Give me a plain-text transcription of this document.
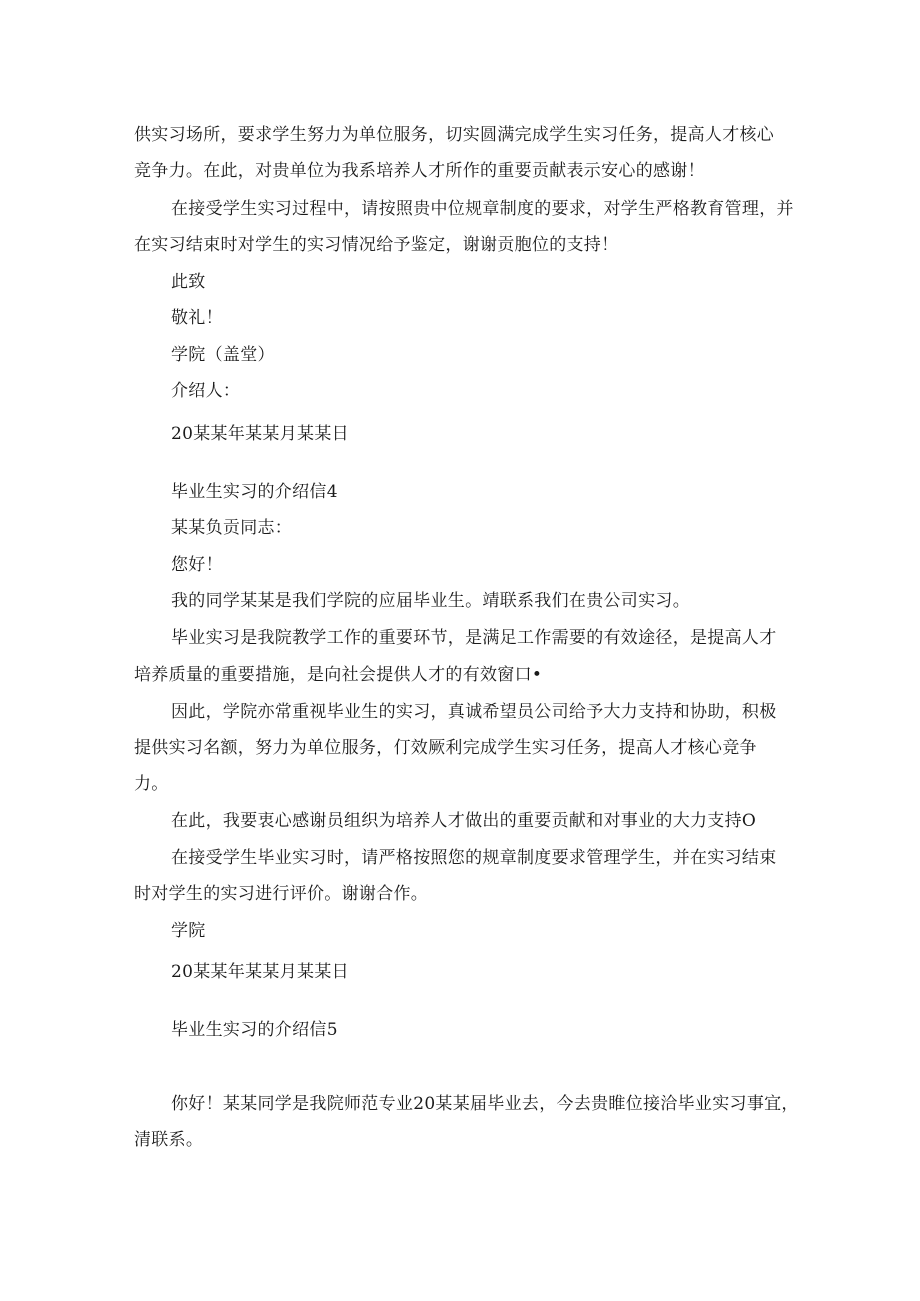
供实习场所，要求学生努力为单位服务，切实圆满完成学生实习任务，提高人才核心
竞争力。在此，对贵单位为我系培养人才所作的重要贡献表示安心的感谢！
在接受学生实习过程中，请按照贵中位规章制度的要求，对学生严格教育管理，并
在实习结束时对学生的实习情况给予鉴定，谢谢贡胞位的支持！
此致
敬礼！
学院（盖堂）
介绍人：
20某某年某某月某某日
毕业生实习的介绍信4
某某负贡同志：
您好！
我的同学某某是我们学院的应届毕业生。靖联系我们在贵公司实习。
毕业实习是我院教学工作的重要环节，是满足工作需要的有效途径，是提高人才
培养质量的重要措施，是向社会提供人才的有效窗口•
因此，学院亦常重视毕业生的实习，真诚希望员公司给予大力支持和协助，积极
提供实习名额，努力为单位服务，仃效厥利完成学生实习任务，提高人才核心竞争
力。
在此，我要衷心感谢员组织为培养人才做出的重要贡献和对事业的大力支持O
在接受学生毕业实习时，请严格按照您的规章制度要求管理学生，并在实习结束
时对学生的实习进行评价。谢谢合作。
学院
20某某年某某月某某日
毕业生实习的介绍信5
你好！某某同学是我院师范专业20某某届毕业去，今去贵睢位接洽毕业实习事宜，
清联系。
